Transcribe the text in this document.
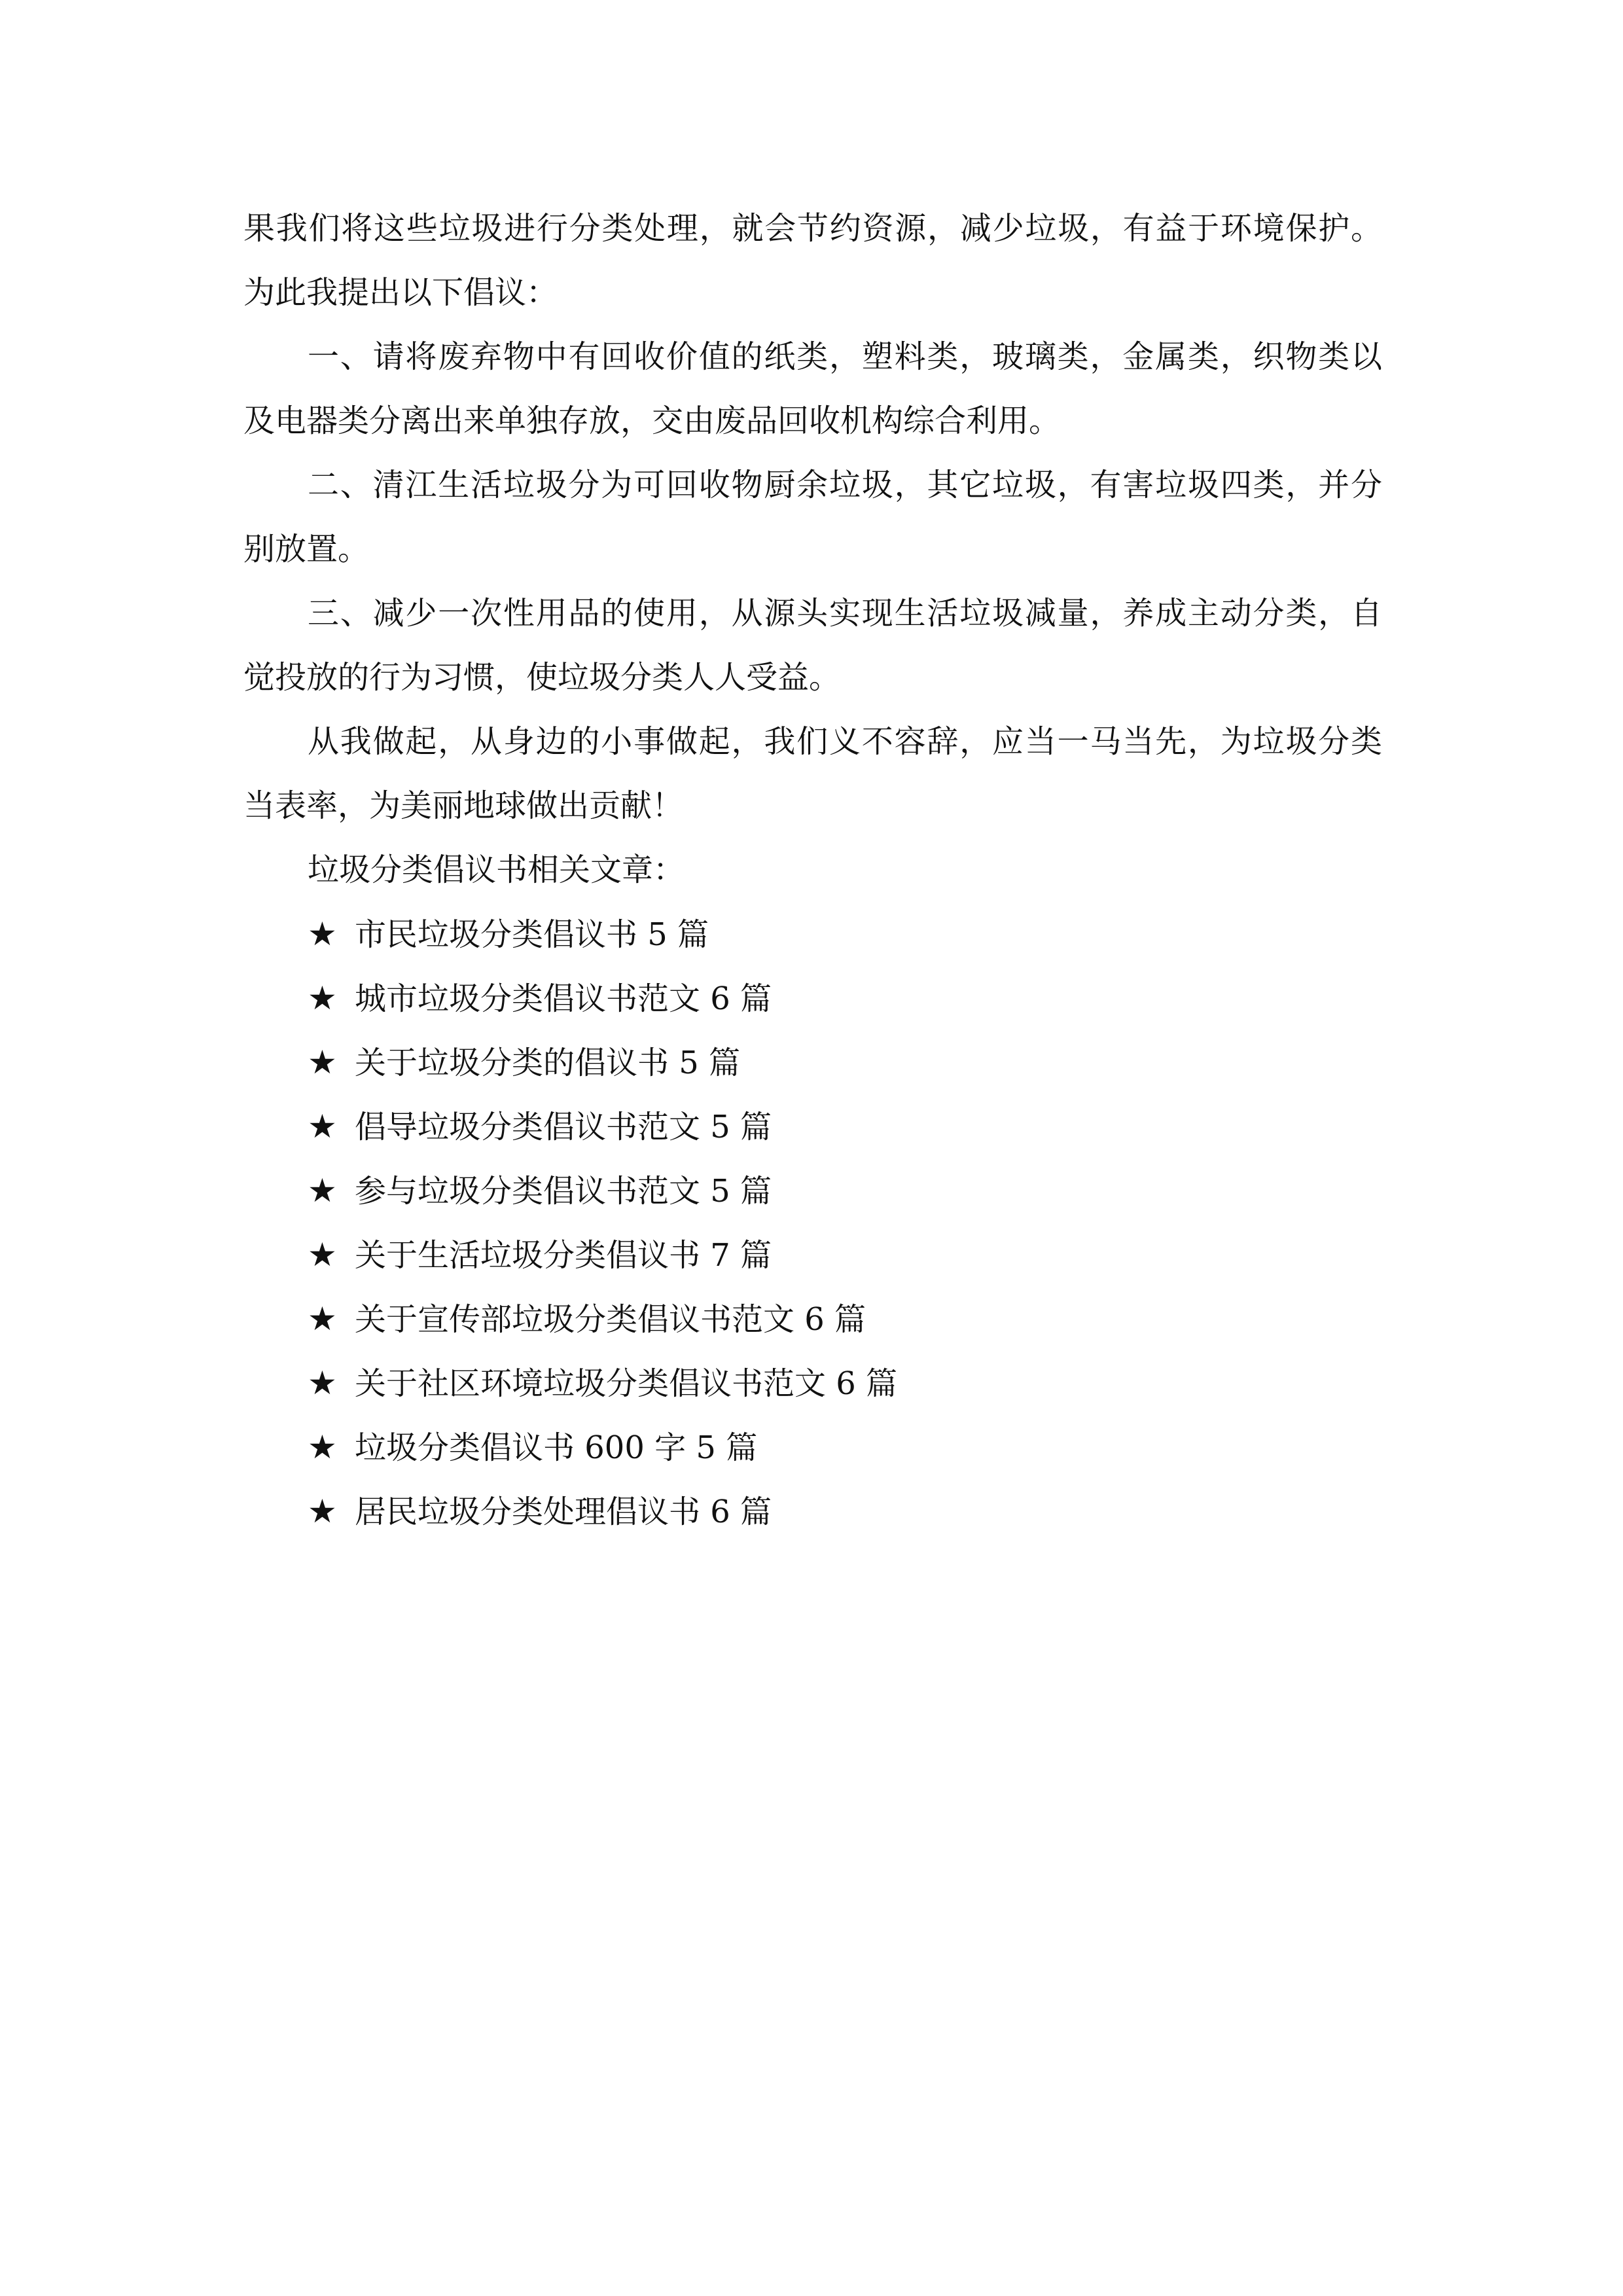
果我们将这些垃圾进行分类处理，就会节约资源，减少垃圾，有益于环境保护。
为此我提出以下倡议：
一、请将废弃物中有回收价值的纸类，塑料类，玻璃类，金属类，织物类以
及电器类分离出来单独存放，交由废品回收机构综合利用。
二、清江生活垃圾分为可回收物厨余垃圾，其它垃圾，有害垃圾四类，并分
别放置。
三、减少一次性用品的使用，从源头实现生活垃圾减量，养成主动分类，自
觉投放的行为习惯，使垃圾分类人人受益。
从我做起，从身边的小事做起，我们义不容辞，应当一马当先，为垃圾分类
当表率，为美丽地球做出贡献！
垃圾分类倡议书相关文章：
★ 市民垃圾分类倡议书 5 篇
★ 城市垃圾分类倡议书范文 6 篇
★ 关于垃圾分类的倡议书 5 篇
★ 倡导垃圾分类倡议书范文 5 篇
★ 参与垃圾分类倡议书范文 5 篇
★ 关于生活垃圾分类倡议书 7 篇
★ 关于宣传部垃圾分类倡议书范文 6 篇
★ 关于社区环境垃圾分类倡议书范文 6 篇
★ 垃圾分类倡议书 600 字 5 篇
★ 居民垃圾分类处理倡议书 6 篇
